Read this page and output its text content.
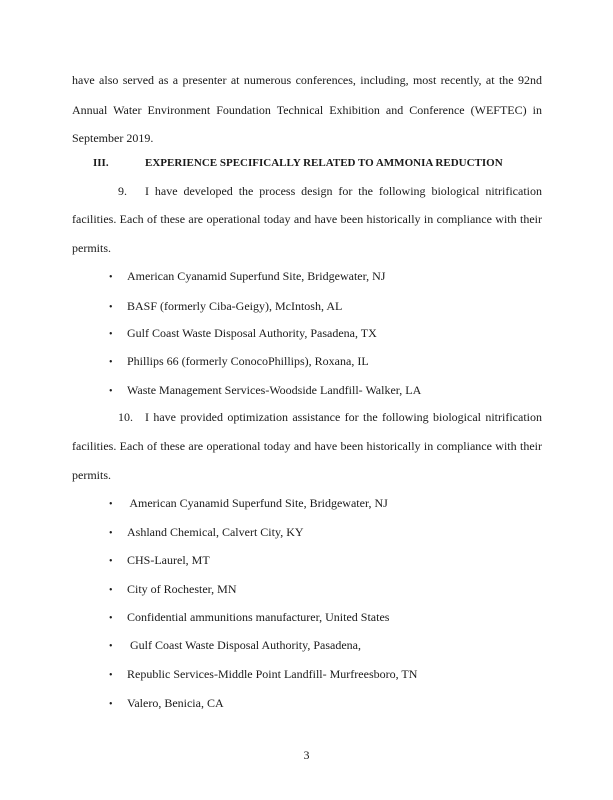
have also served as a presenter at numerous conferences, including, most recently, at the 92nd
Annual Water Environment Foundation Technical Exhibition and Conference (WEFTEC) in
September 2019.
III.	EXPERIENCE SPECIFICALLY RELATED TO AMMONIA REDUCTION
9. I have developed the process design for the following biological nitrification
facilities. Each of these are operational today and have been historically in compliance with their
permits.
• American Cyanamid Superfund Site, Bridgewater, NJ
• BASF (formerly Ciba-Geigy), McIntosh, AL
• Gulf Coast Waste Disposal Authority, Pasadena, TX
• Phillips 66 (formerly ConocoPhillips), Roxana, IL
• Waste Management Services-Woodside Landfill- Walker, LA
10. I have provided optimization assistance for the following biological nitrification
facilities. Each of these are operational today and have been historically in compliance with their
permits.
• American Cyanamid Superfund Site, Bridgewater, NJ
• Ashland Chemical, Calvert City, KY
• CHS-Laurel, MT
• City of Rochester, MN
• Confidential ammunitions manufacturer, United States
• Gulf Coast Waste Disposal Authority, Pasadena,
• Republic Services-Middle Point Landfill- Murfreesboro, TN
• Valero, Benicia, CA
3
